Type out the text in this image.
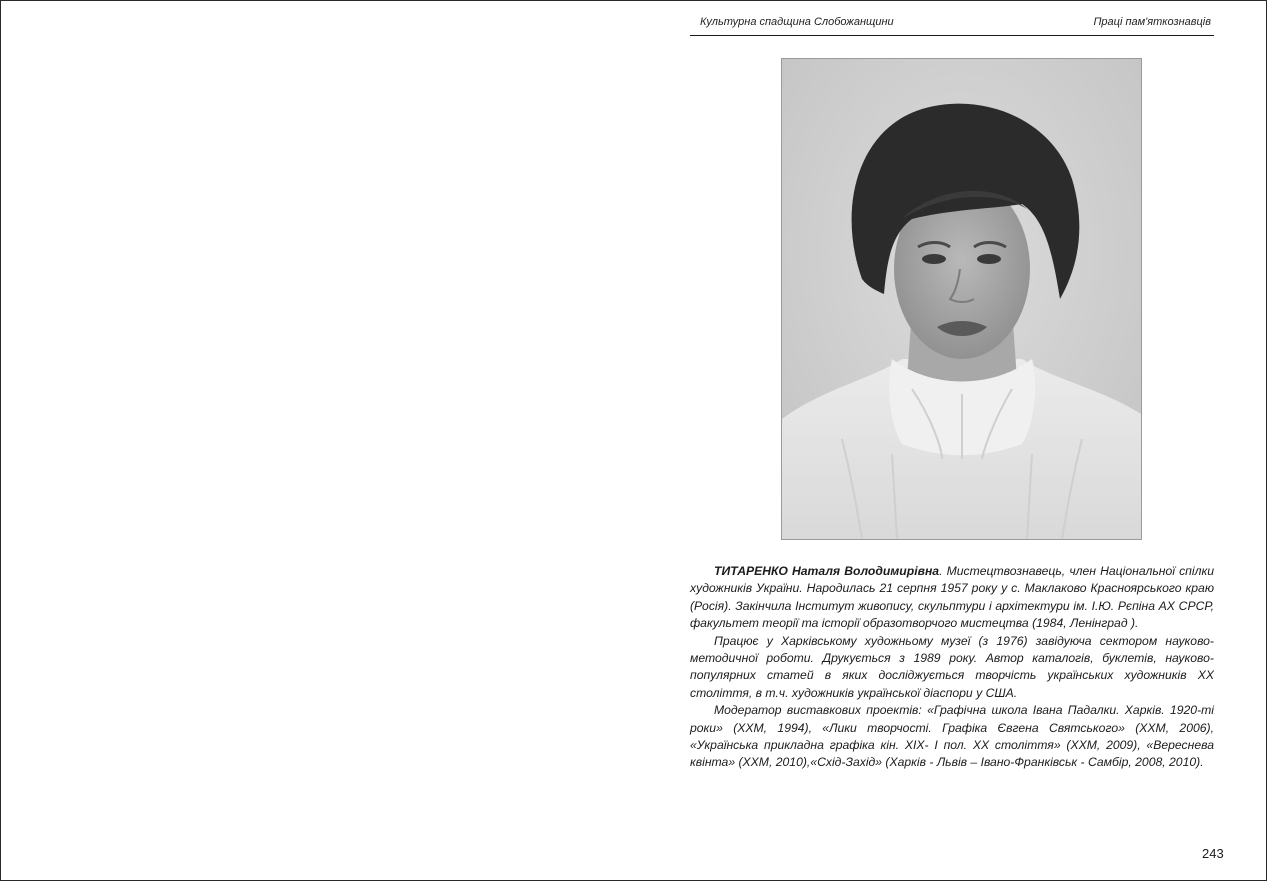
Культурна спадщина Слобожанщини	Праці пам'яткознавців

ТИТАРЕНКО Наталя Володимирівна. Мистецтвознавець, член Національної спілки художників України. Народилась 21 серпня 1957 року у с. Маклаково Красноярського краю (Росія). Закінчила Інститут живопису, скульптури і архітектури ім. І.Ю. Рєпіна АХ СРСР, факультет теорії та історії образотворчого мистецтва (1984, Ленінград ).

Працює у Харківському художньому музеї (з 1976) завідуюча сектором науково-методичної роботи. Друкується з 1989 року. Автор каталогів, буклетів, науково-популярних статей в яких досліджується творчість українських художників ХХ століття, в т.ч. художників української діаспори у США.

Модератор виставкових проектів: «Графічна школа Івана Падалки. Харків. 1920-ті роки» (ХХМ, 1994), «Лики творчості. Графіка Євгена Святського» (ХХМ, 2006), «Українська прикладна графіка кін. ХІХ- І пол. ХХ століття» (ХХМ, 2009), «Вереснева квінта» (ХХМ, 2010),«Схід-Захід» (Харків - Львів – Івано-Франківськ - Самбір, 2008, 2010).

243
